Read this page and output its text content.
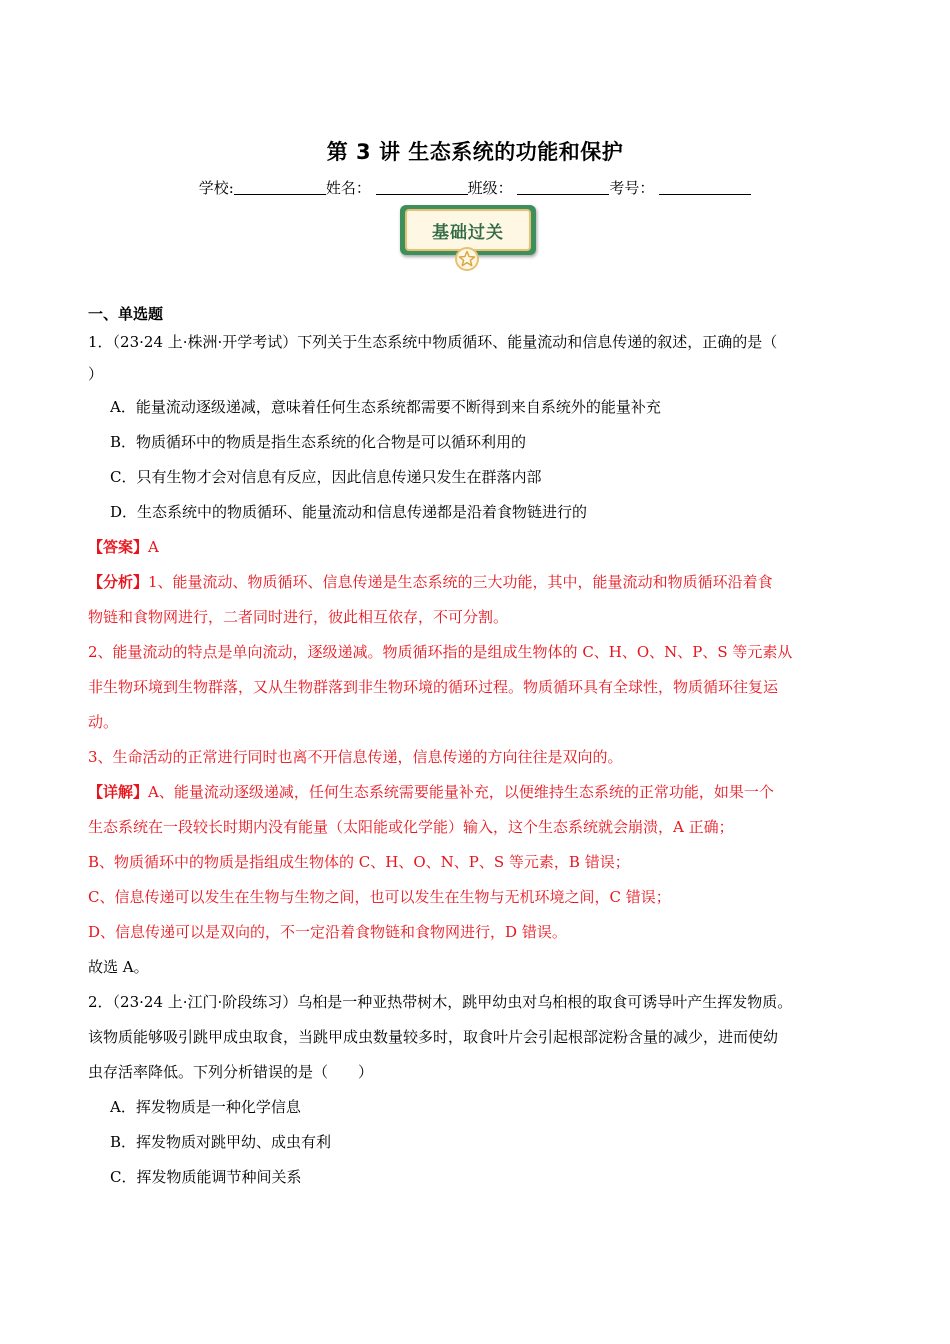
第 3 讲 生态系统的功能和保护
学校:	姓名：	班级：	考号：
基础过关
一、单选题
1．（23·24 上·株洲·开学考试）下列关于生态系统中物质循环、能量流动和信息传递的叙述，正确的是（
）
A．能量流动逐级递减，意味着任何生态系统都需要不断得到来自系统外的能量补充
B．物质循环中的物质是指生态系统的化合物是可以循环利用的
C．只有生物才会对信息有反应，因此信息传递只发生在群落内部
D．生态系统中的物质循环、能量流动和信息传递都是沿着食物链进行的
【答案】A
【分析】1、能量流动、物质循环、信息传递是生态系统的三大功能，其中，能量流动和物质循环沿着食
物链和食物网进行，二者同时进行，彼此相互依存，不可分割。
2、能量流动的特点是单向流动，逐级递减。物质循环指的是组成生物体的 C、H、O、N、P、S 等元素从
非生物环境到生物群落，又从生物群落到非生物环境的循环过程。物质循环具有全球性，物质循环往复运
动。
3、生命活动的正常进行同时也离不开信息传递，信息传递的方向往往是双向的。
【详解】A、能量流动逐级递减，任何生态系统需要能量补充，以便维持生态系统的正常功能，如果一个
生态系统在一段较长时期内没有能量（太阳能或化学能）输入，这个生态系统就会崩溃，A 正确；
B、物质循环中的物质是指组成生物体的 C、H、O、N、P、S 等元素，B 错误；
C、信息传递可以发生在生物与生物之间，也可以发生在生物与无机环境之间，C 错误；
D、信息传递可以是双向的，不一定沿着食物链和食物网进行，D 错误。
故选 A。
2．（23·24 上·江门·阶段练习）乌桕是一种亚热带树木，跳甲幼虫对乌桕根的取食可诱导叶产生挥发物质。
该物质能够吸引跳甲成虫取食，当跳甲成虫数量较多时，取食叶片会引起根部淀粉含量的减少，进而使幼
虫存活率降低。下列分析错误的是（　　）
A．挥发物质是一种化学信息
B．挥发物质对跳甲幼、成虫有利
C．挥发物质能调节种间关系
